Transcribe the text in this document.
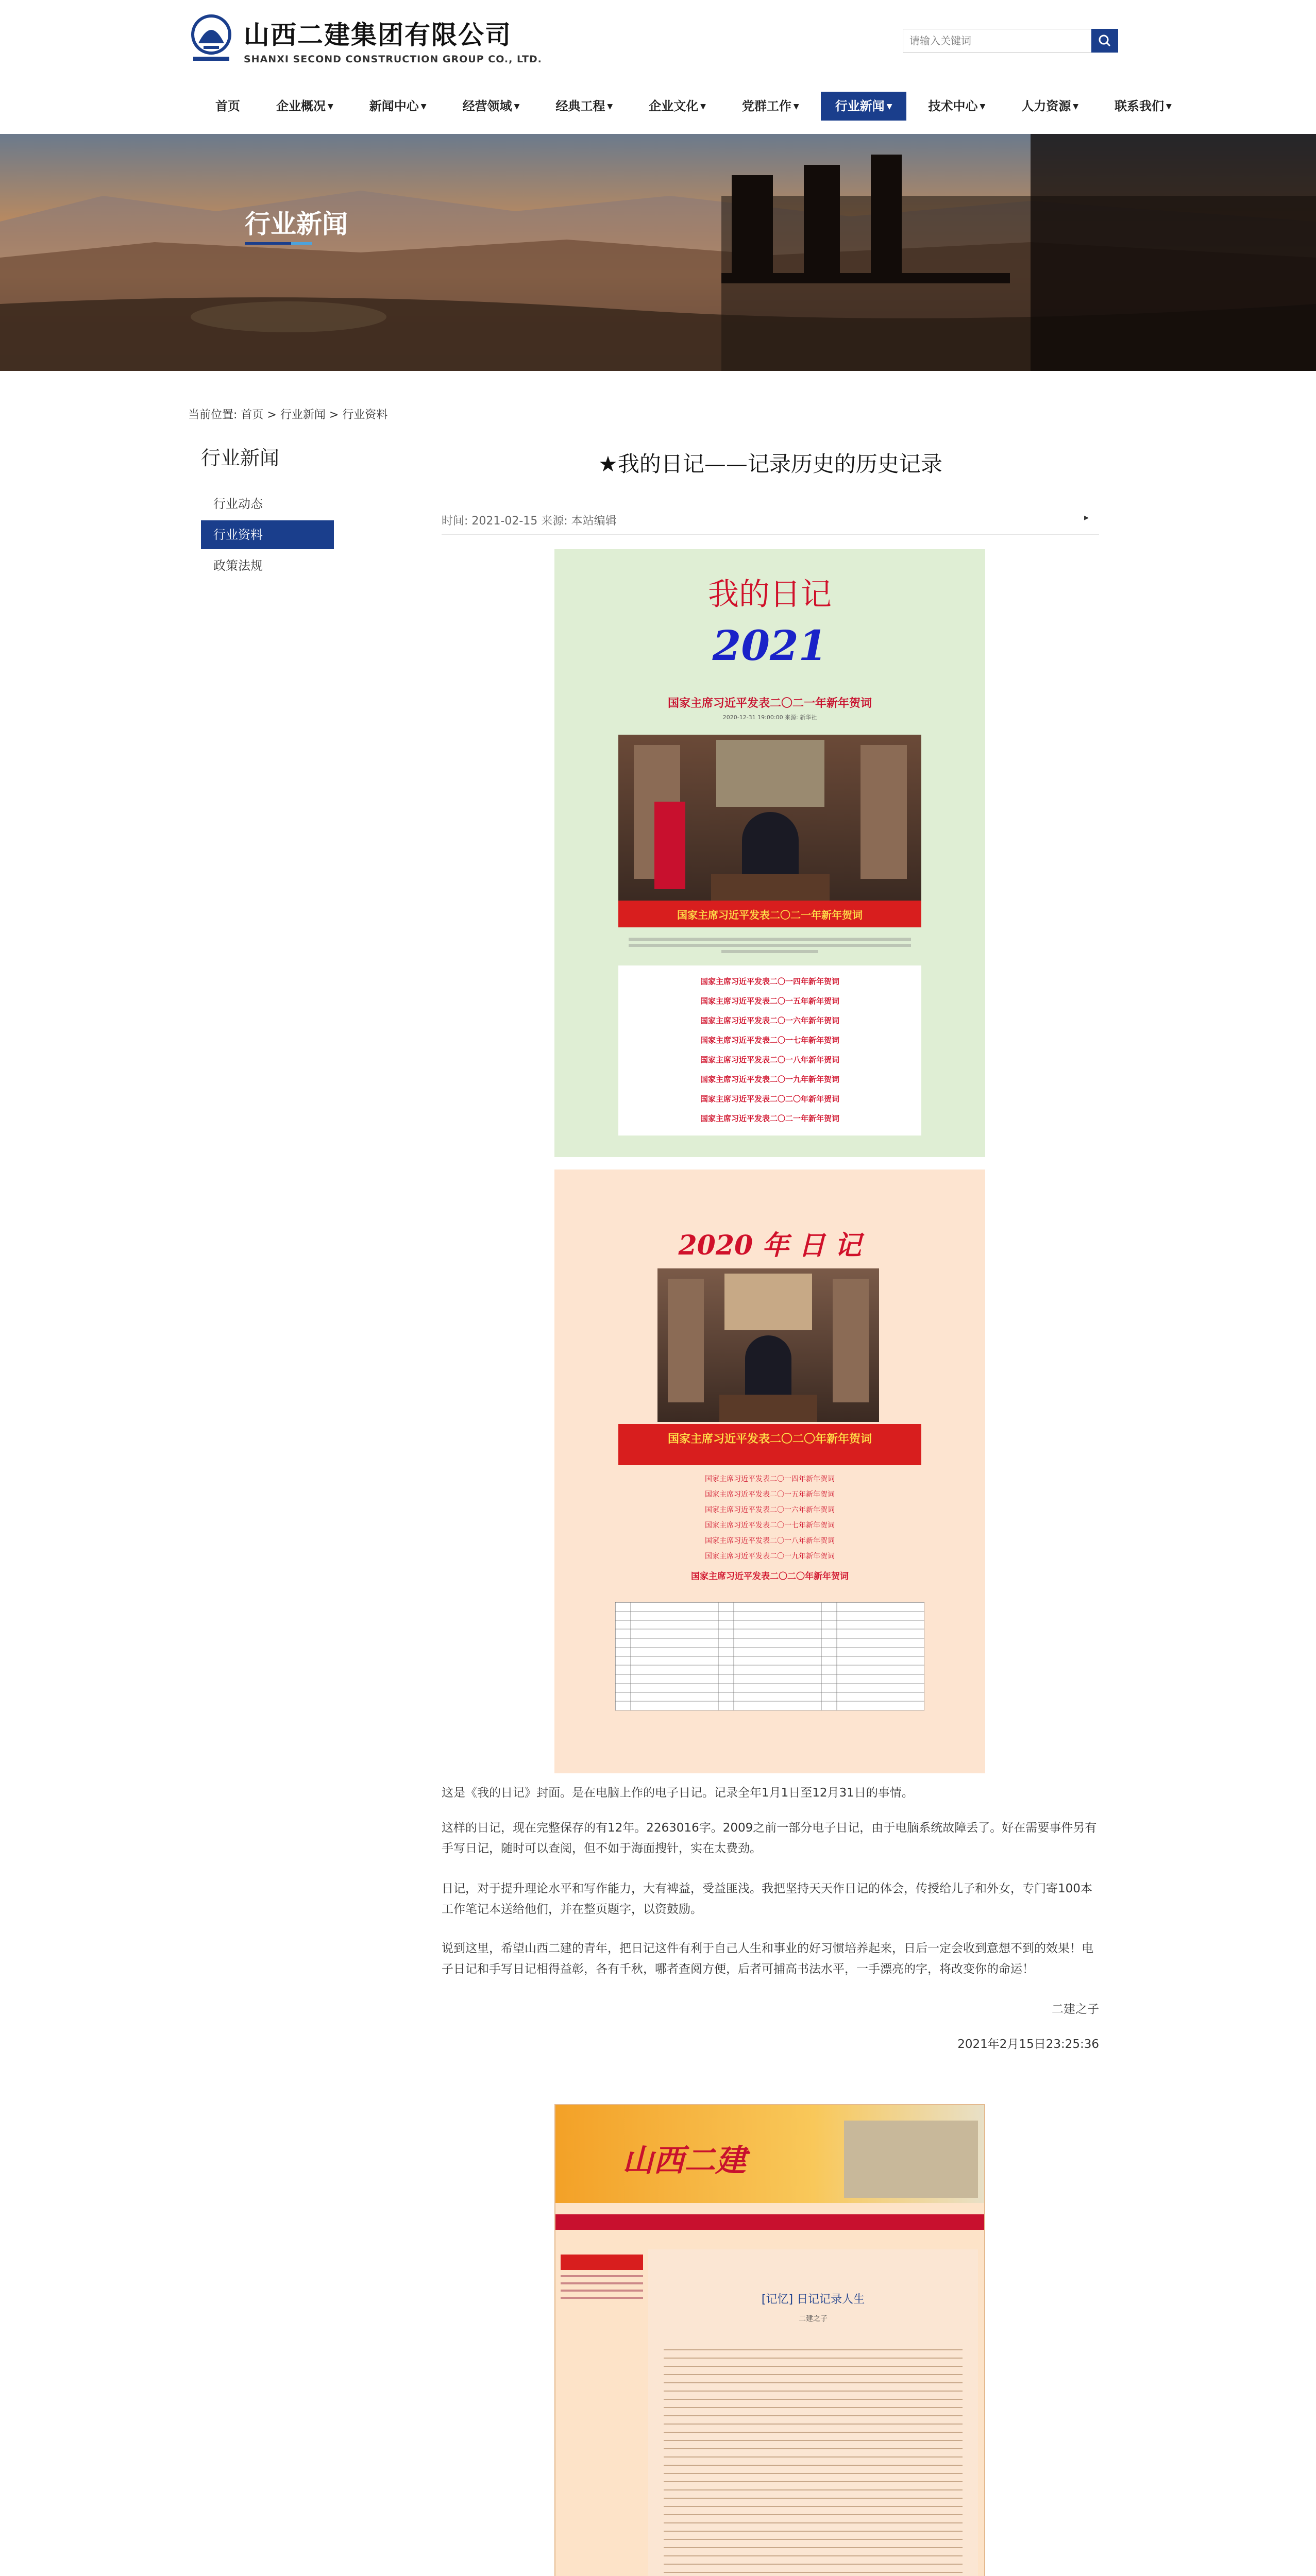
山西二建集团有限公司
SHANXI SECOND CONSTRUCTION GROUP CO., LTD.
请输入关键词
首页	企业概况 ▼	新闻中心 ▼	经营领域 ▼	经典工程 ▼	企业文化 ▼	党群工作 ▼	行业新闻 ▼	技术中心 ▼	人力资源 ▼	联系我们 ▼
行业新闻
当前位置: 首页 > 行业新闻 > 行业资料
行业新闻
行业动态
行业资料
政策法规
★我的日记——记录历史的历史记录
时间: 2021-02-15 来源: 本站编辑	▸
我的日记
2021
国家主席习近平发表二〇二一年新年贺词
2020-12-31 19:00:00 来源: 新华社
国家主席习近平发表二〇二一年新年贺词
国家主席习近平发表二〇一四年新年贺词
国家主席习近平发表二〇一五年新年贺词
国家主席习近平发表二〇一六年新年贺词
国家主席习近平发表二〇一七年新年贺词
国家主席习近平发表二〇一八年新年贺词
国家主席习近平发表二〇一九年新年贺词
国家主席习近平发表二〇二〇年新年贺词
国家主席习近平发表二〇二一年新年贺词
2020 年 日 记
国家主席习近平发表二〇二〇年新年贺词
国家主席习近平发表二〇一四年新年贺词
国家主席习近平发表二〇一五年新年贺词
国家主席习近平发表二〇一六年新年贺词
国家主席习近平发表二〇一七年新年贺词
国家主席习近平发表二〇一八年新年贺词
国家主席习近平发表二〇一九年新年贺词
国家主席习近平发表二〇二〇年新年贺词
这是《我的日记》封面。是在电脑上作的电子日记。记录全年1月1日至12月31日的事情。
这样的日记，现在完整保存的有12年。2263016字。2009之前一部分电子日记，由于电脑系统故障丢了。好在需要事件另有手写日记，随时可以查阅，但不如于海面搜针，实在太费劲。
日记，对于提升理论水平和写作能力，大有裨益，受益匪浅。我把坚持天天作日记的体会，传授给儿子和外女，专门寄100本工作笔记本送给他们，并在整页题字，以资鼓励。
说到这里，希望山西二建的青年，把日记这件有利于自己人生和事业的好习惯培养起来，日后一定会收到意想不到的效果！电子日记和手写日记相得益彰，各有千秋，哪者查阅方便，后者可捕高书法水平，一手漂亮的字，将改变你的命运！
二建之子
2021年2月15日23:25:36
山西二建
[记忆] 日记记录人生
二建之子
